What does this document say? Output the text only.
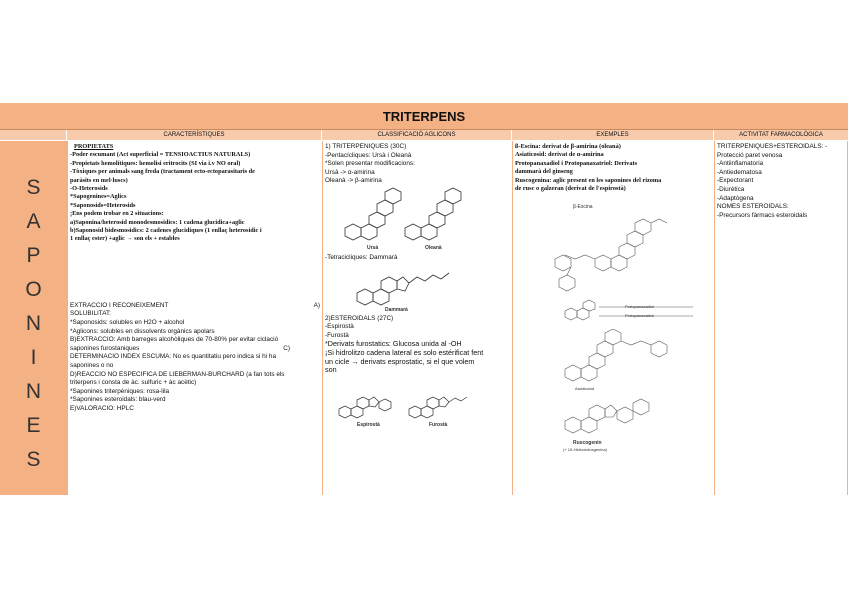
TRITERPENS
CARACTERÍSTIQUES	CLASSIFICACIÓ AGLICONS	EXEMPLES	ACTIVITAT FARMACOLÒGICA
S
A
P
O
N
I
N
E
S
PROPIETATS
-Poder escumant (Act superficial = TENSIOACTIUS NATURALS)
-Propietats hemolítiques: hemolisi eritrocits (SI via i.v NO oral)
-Tòxiques per animals sang freda (tractament ecto-ectoparasitaris de
paràsits en mel·luscs)
-O-Heterosids
*Sapogenines=Aglics
*Saponosids=Heterosids
¡Ens podem trobar en 2 situacions:
a)Saponina/heterosid monodesmosidics: 1 cadena glucidica+aglic
b)Saponosid bidesmosidics: 2 cadenes glucidiques (1 enllaç heterosidic i
1 enllaç ester) +aglic → son els + estables
EXTRACCIÓ I RECONEIXEMENT	A)
SOLUBILITAT:
*Saponosids: solubles en H2O + alcohol
*Aglicons: solubles en dissolvents orgànics apolars
B)EXTRACCIÓ: Amb barreges alcohòliques de 70-80% per evitar ciclació
saponines furostaniques	C)
DETERMINACIÓ INDEX ESCUMA: No es quantitatiu pero indica si hi ha
saponines o no
D)REACCIO NO ESPECÍFICA DE LIEBERMAN-BURCHARD (a fan tots els
triterpens i consta de àc. sulfuric + àc acètic)
*Saponines triterpèniques: rosa-lila
*Saponines esteroidals: blau-verd
E)VALORACIÓ: HPLC
1) TRITERPÈNIQUES (30C)
-Pentacícliques: Ursà i Oleanà
*Solen presentar modificacions:
Ursà -> α-amirina
Oleanà -> β-amirina
Ursà	Oleanà
-Tetracicliques: Dammarà
Dammarà
2)ESTEROIDALS (27C)
-Espirostà
-Furostà
*Derivats furostatics: Glucosa unida al -OH
¡Si hidrolitzo cadena lateral es solo estérificat fent
un cicle → derivats esprostatic, si el que volem
son
Espirostà	Furostà
ß-Escina: derivat de β-amirina (oleanà)
Asiaticosid: derivat de α-amirina
Protopanaxadiol i Protopanaxatriol: Derivats
dammarà del ginseng
Ruscogenina: aglic present en les saponines del rizoma
de rusc o galzeran (derivat de l'espirostà)
β-Escina
Protopanaxadiol
Protopanaxatriol
Asiaticosid
Ruscogenin
(+ 1ß-Hidroxidiosgenina)
TRITERPENIQUES+ESTEROIDALS: -
Protecció paret venosa
-Antiinflamatoria
-Antiedematosa
-Expectorant
-Diurètica
-Adaptògena
NOMÉS ESTEROIDALS:
-Precursors fàrmacs esteroidals
